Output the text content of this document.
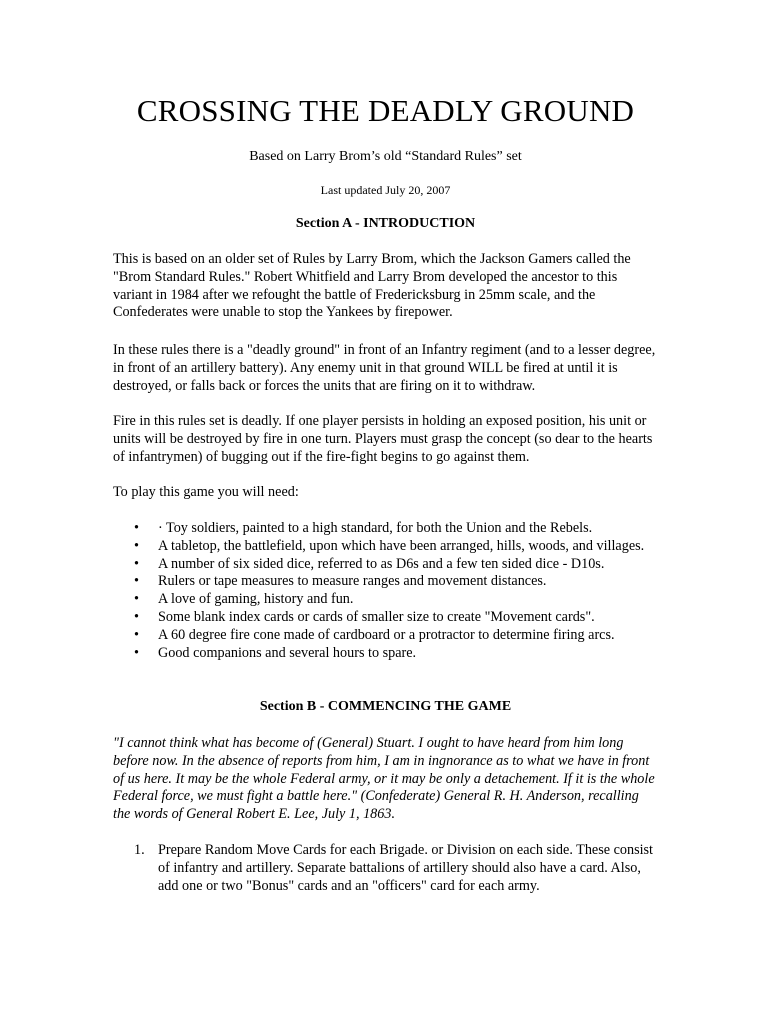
CROSSING THE DEADLY GROUND

Based on Larry Brom’s old “Standard Rules” set

Last updated July 20, 2007

Section A - INTRODUCTION

This is based on an older set of Rules by Larry Brom, which the Jackson Gamers called the "Brom Standard Rules." Robert Whitfield and Larry Brom developed the ancestor to this variant in 1984 after we refought the battle of Fredericksburg in 25mm scale, and the Confederates were unable to stop the Yankees by firepower.

In these rules there is a "deadly ground" in front of an Infantry regiment (and to a lesser degree, in front of an artillery battery). Any enemy unit in that ground WILL be fired at until it is destroyed, or falls back or forces the units that are firing on it to withdraw.

Fire in this rules set is deadly. If one player persists in holding an exposed position, his unit or units will be destroyed by fire in one turn. Players must grasp the concept (so dear to the hearts of infantrymen) of bugging out if the fire-fight begins to go against them.

To play this game you will need:

• · Toy soldiers, painted to a high standard, for both the Union and the Rebels.
• A tabletop, the battlefield, upon which have been arranged, hills, woods, and villages.
• A number of six sided dice, referred to as D6s and a few ten sided dice - D10s.
• Rulers or tape measures to measure ranges and movement distances.
• A love of gaming, history and fun.
• Some blank index cards or cards of smaller size to create "Movement cards".
• A 60 degree fire cone made of cardboard or a protractor to determine firing arcs.
• Good companions and several hours to spare.
Section B - COMMENCING THE GAME

"I cannot think what has become of (General) Stuart. I ought to have heard from him long before now. In the absence of reports from him, I am in ingnorance as to what we have in front of us here. It may be the whole Federal army, or it may be only a detachement. If it is the whole Federal force, we must fight a battle here." (Confederate) General R. H. Anderson, recalling the words of General Robert E. Lee, July 1, 1863.

1. Prepare Random Move Cards for each Brigade. or Division on each side. These consist of infantry and artillery. Separate battalions of artillery should also have a card. Also, add one or two "Bonus" cards and an "officers" card for each army.
